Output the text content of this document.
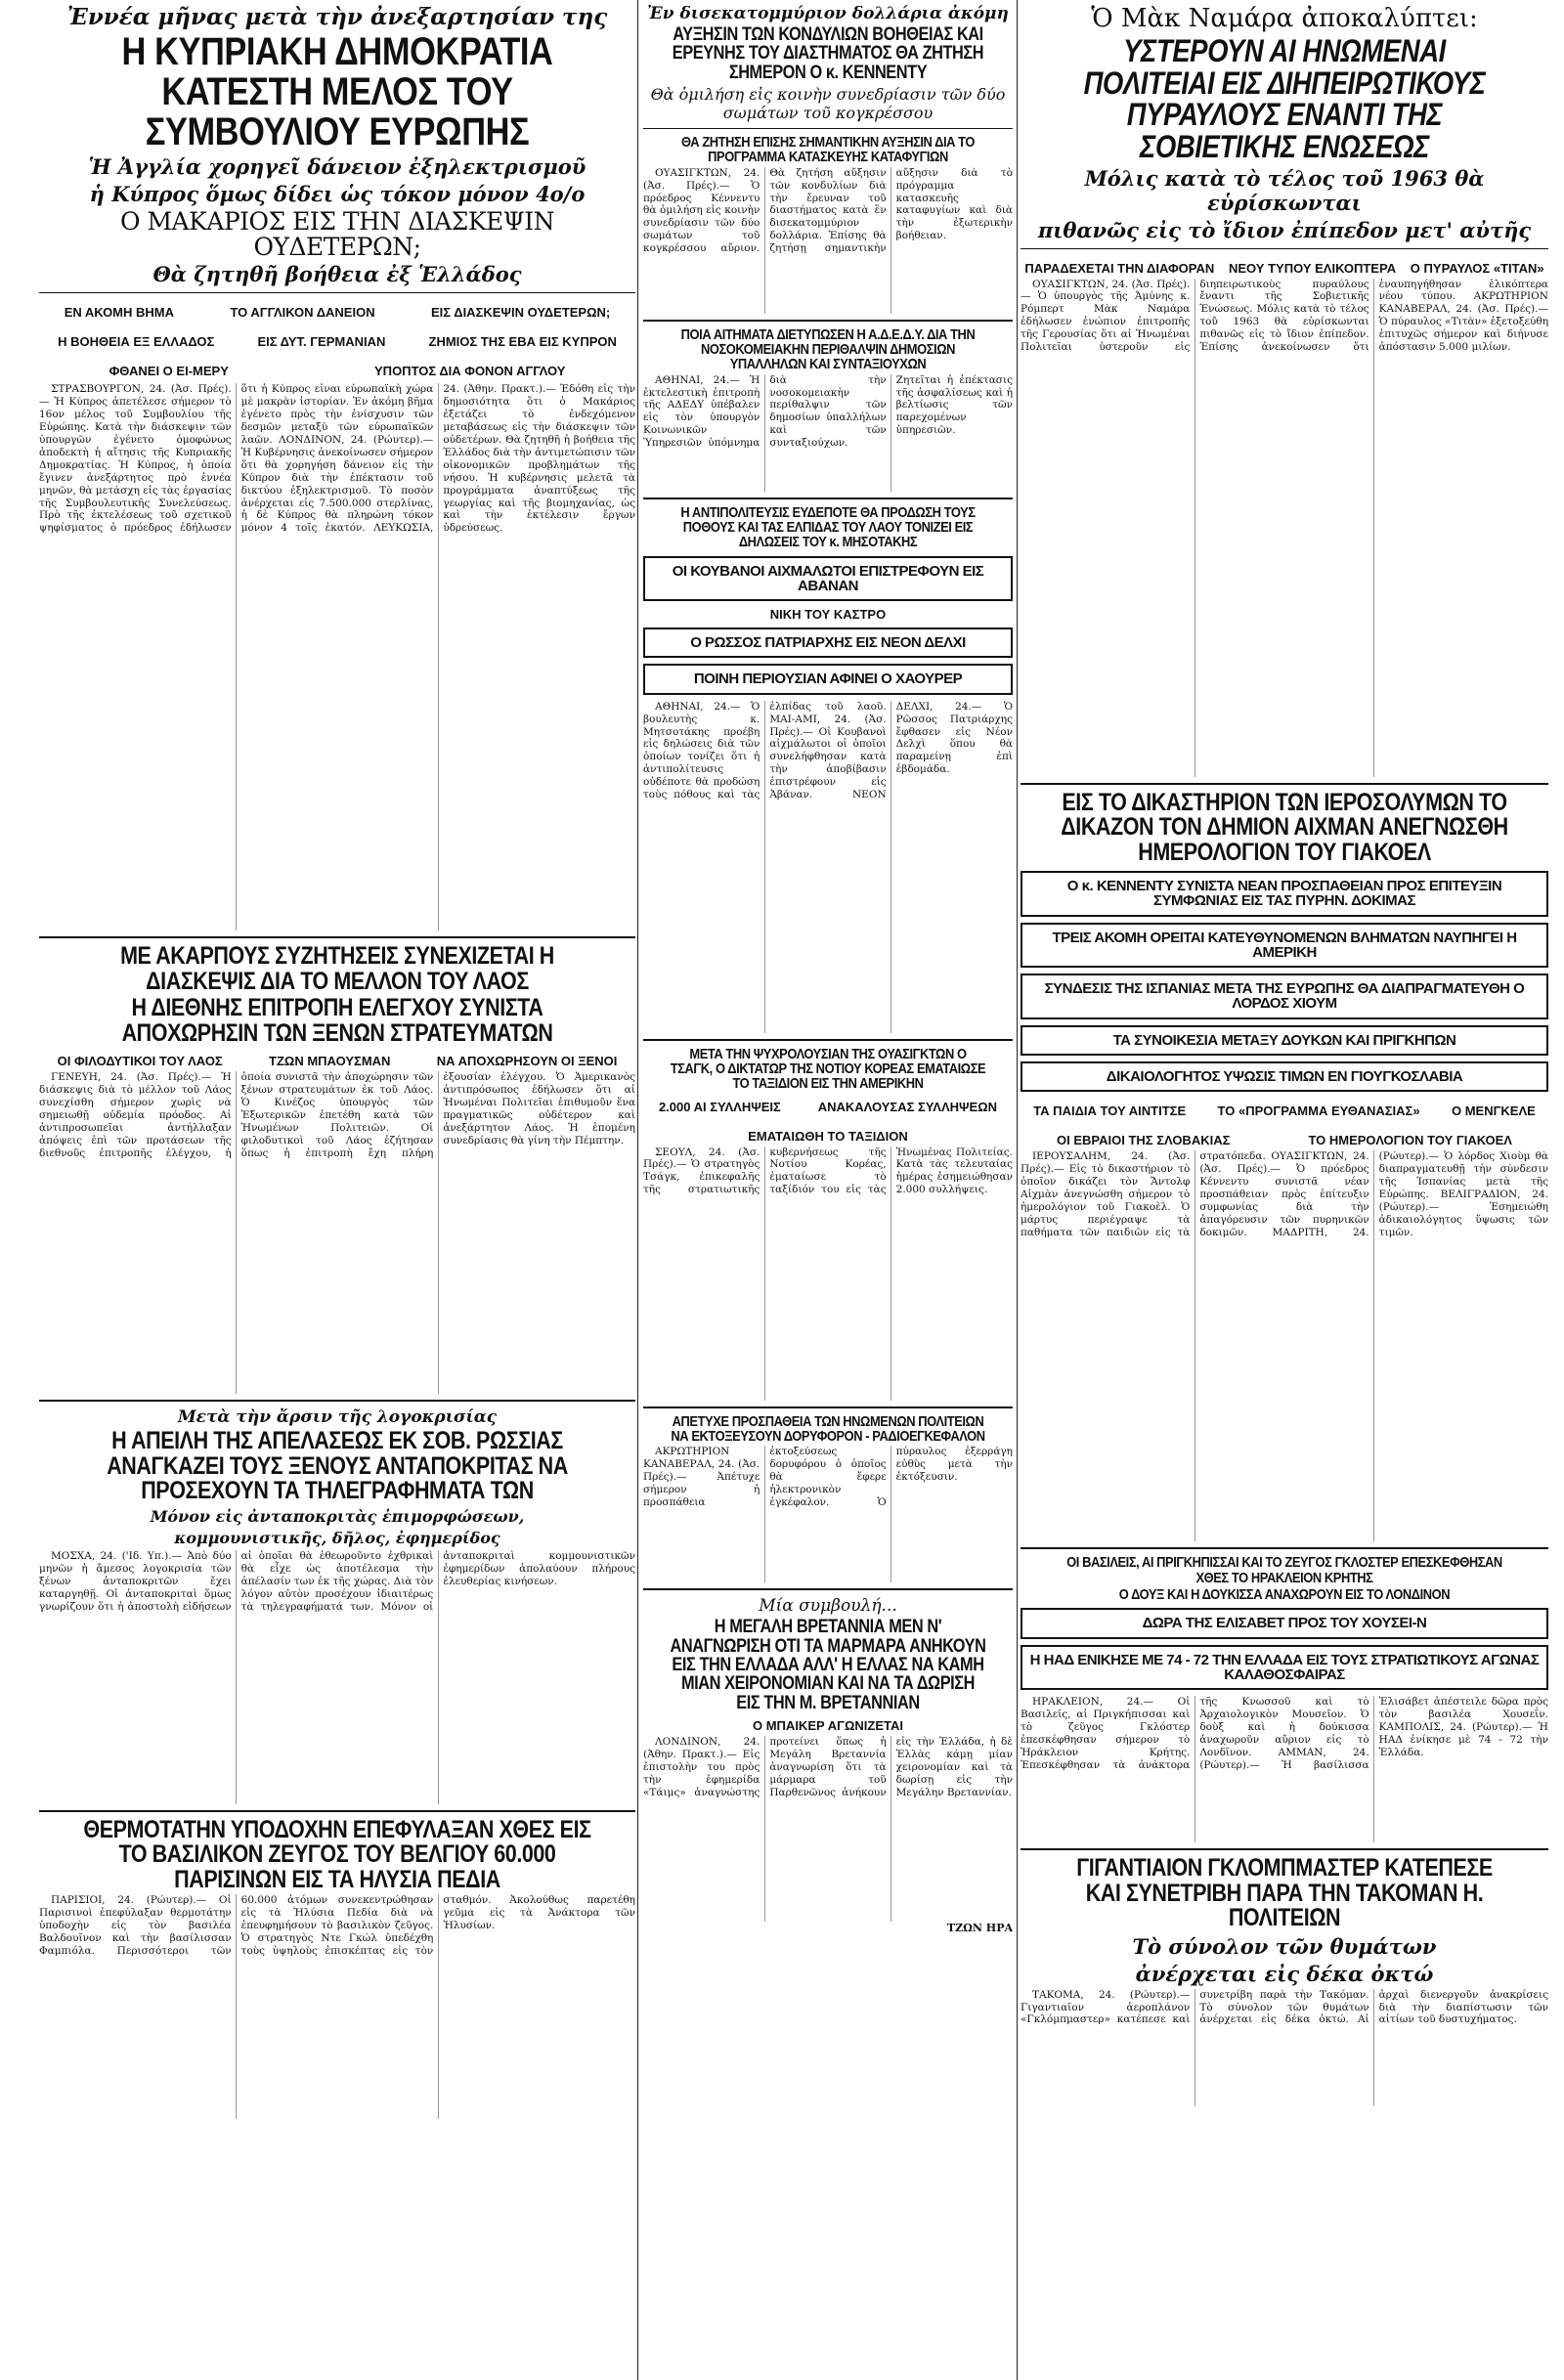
Ἐννέα μῆνας μετὰ τὴν ἀνεξαρτησίαν της
Η ΚΥΠΡΙΑΚΗ ΔΗΜΟΚΡΑΤΙΑ ΚΑΤΕΣΤΗ ΜΕΛΟΣ ΤΟΥ ΣΥΜΒΟΥΛΙΟΥ ΕΥΡΩΠΗΣ
Ἡ Ἀγγλία χορηγεῖ δάνειον ἐξηλεκτρισμοῦ
ἡ Κύπρος ὅμως δίδει ὡς τόκον μόνον 4ο/ο
Ο ΜΑΚΑΡΙΟΣ ΕΙΣ ΤΗΝ ΔΙΑΣΚΕΨΙΝ ΟΥΔΕΤΕΡΩΝ;
Θὰ ζητηθῆ βοήθεια ἐξ Ἑλλάδος
ΕΝ ΑΚΟΜΗ ΒΗΜΑ	ΤΟ ΑΓΓΛΙΚΟΝ ΔΑΝΕΙΟΝ	ΕΙΣ ΔΙΑΣΚΕΨΙΝ ΟΥΔΕΤΕΡΩΝ;
Η ΒΟΗΘΕΙΑ ΕΞ ΕΛΛΑΔΟΣ	ΕΙΣ ΔΥΤ. ΓΕΡΜΑΝΙΑΝ	ΖΗΜΙΟΣ ΤΗΣ ΕΒΑ ΕΙΣ ΚΥΠΡΟΝ
ΦΘΑΝΕΙ Ο ΕΙ-ΜΕΡΥ	ΥΠΟΠΤΟΣ ΔΙΑ ΦΟΝΟΝ ΑΓΓΛΟΥ

ΣΤΡΑΣΒΟΥΡΓΟΝ, 24. (Ἀσ. Πρές).— Ἡ Κύπρος ἀπετέλεσε σήμερον τὸ 16ον μέλος τοῦ Συμβουλίου τῆς Εὐρώπης. Κατὰ τὴν διάσκεψιν τῶν ὑπουργῶν ἐγένετο ὁμοφώνως ἀποδεκτὴ ἡ αἴτησις τῆς Κυπριακῆς Δημοκρατίας. Ἡ Κύπρος, ἡ ὁποία ἔγινεν ἀνεξάρτητος πρὸ ἐννέα μηνῶν, θὰ μετάσχη εἰς τὰς ἐργασίας τῆς Συμβουλευτικῆς Συνελεύσεως. Πρὸ τῆς ἐκτελέσεως τοῦ σχετικοῦ ψηφίσματος ὁ πρόεδρος ἐδήλωσεν ὅτι ἡ Κύπρος εἶναι εὐρωπαϊκὴ χώρα μὲ μακρὰν ἱστορίαν. Ἐν ἀκόμη βῆμα ἐγένετο πρὸς τὴν ἐνίσχυσιν τῶν δεσμῶν μεταξὺ τῶν εὐρωπαϊκῶν λαῶν. ΛΟΝΔΙΝΟΝ, 24. (Ρώυτερ).— Ἡ Κυβέρνησις ἀνεκοίνωσεν σήμερον ὅτι θὰ χορηγήση δάνειον εἰς τὴν Κύπρον διὰ τὴν ἐπέκτασιν τοῦ δικτύου ἐξηλεκτρισμοῦ. Τὸ ποσὸν ἀνέρχεται εἰς 7.500.000 στερλίνας, ἡ δὲ Κύπρος θὰ πληρώνη τόκον μόνον 4 τοῖς ἑκατόν. ΛΕΥΚΩΣΙΑ, 24. (Ἀθην. Πρακτ.).— Ἐδόθη εἰς τὴν δημοσιότητα ὅτι ὁ Μακάριος ἐξετάζει τὸ ἐνδεχόμενον μεταβάσεως εἰς τὴν διάσκεψιν τῶν οὐδετέρων. Θὰ ζητηθῆ ἡ βοήθεια τῆς Ἑλλάδος διὰ τὴν ἀντιμετώπισιν τῶν οἰκονομικῶν προβλημάτων τῆς νήσου. Ἡ κυβέρνησις μελετᾶ τὰ προγράμματα ἀναπτύξεως τῆς γεωργίας καὶ τῆς βιομηχανίας, ὡς καὶ τὴν ἐκτέλεσιν ἔργων ὑδρεύσεως.

ΜΕ ΑΚΑΡΠΟΥΣ ΣΥΖΗΤΗΣΕΙΣ ΣΥΝΕΧΙΖΕΤΑΙ Η ΔΙΑΣΚΕΨΙΣ ΔΙΑ ΤΟ ΜΕΛΛΟΝ ΤΟΥ ΛΑΟΣ
Η ΔΙΕΘΝΗΣ ΕΠΙΤΡΟΠΗ ΕΛΕΓΧΟΥ ΣΥΝΙΣΤΑ ΑΠΟΧΩΡΗΣΙΝ ΤΩΝ ΞΕΝΩΝ ΣΤΡΑΤΕΥΜΑΤΩΝ
ΟΙ ΦΙΛΟΔΥΤΙΚΟΙ ΤΟΥ ΛΑΟΣ	ΤΖΩΝ ΜΠΑΟΥΣΜΑΝ	ΝΑ ΑΠΟΧΩΡΗΣΟΥΝ ΟΙ ΞΕΝΟΙ

ΓΕΝΕΥΗ, 24. (Ἀσ. Πρές).— Ἡ διάσκεψις διὰ τὸ μέλλον τοῦ Λάος συνεχίσθη σήμερον χωρὶς νὰ σημειωθῇ οὐδεμία πρόοδος. Αἱ ἀντιπροσωπεῖαι ἀντήλλαξαν ἀπόψεις ἐπὶ τῶν προτάσεων τῆς διεθνοῦς ἐπιτροπῆς ἐλέγχου, ἡ ὁποία συνιστᾶ τὴν ἀποχώρησιν τῶν ξένων στρατευμάτων ἐκ τοῦ Λάος. Ὁ Κινέζος ὑπουργὸς τῶν Ἐξωτερικῶν ἐπετέθη κατὰ τῶν Ἡνωμένων Πολιτειῶν. Οἱ φιλοδυτικοὶ τοῦ Λάος ἐζήτησαν ὅπως ἡ ἐπιτροπὴ ἔχη πλήρη ἐξουσίαν ἐλέγχου. Ὁ Ἀμερικανὸς ἀντιπρόσωπος ἐδήλωσεν ὅτι αἱ Ἡνωμέναι Πολιτεῖαι ἐπιθυμοῦν ἕνα πραγματικῶς οὐδέτερον καὶ ἀνεξάρτητον Λάος. Ἡ ἐπομένη συνεδρίασις θὰ γίνη τὴν Πέμπτην.

Μετὰ τὴν ἄρσιν τῆς λογοκρισίας
Η ΑΠΕΙΛΗ ΤΗΣ ΑΠΕΛΑΣΕΩΣ ΕΚ ΣΟΒ. ΡΩΣΣΙΑΣ ΑΝΑΓΚΑΖΕΙ ΤΟΥΣ ΞΕΝΟΥΣ ΑΝΤΑΠΟΚΡΙΤΑΣ ΝΑ ΠΡΟΣΕΧΟΥΝ ΤΑ ΤΗΛΕΓΡΑΦΗΜΑΤΑ ΤΩΝ
Μόνον εἰς ἀνταποκριτὰς ἐπιμορφώσεων,
κομμουνιστικῆς, δῆλος, ἐφημερίδος

ΜΟΣΧΑ, 24. ('Ιδ. Υπ.).— Ἀπὸ δύο μηνῶν ἡ ἄμεσος λογοκρισία τῶν ξένων ἀνταποκριτῶν ἔχει καταργηθῇ. Οἱ ἀνταποκριταὶ ὅμως γνωρίζουν ὅτι ἡ ἀποστολὴ εἰδήσεων αἱ ὁποῖαι θὰ ἐθεωροῦντο ἐχθρικαὶ θὰ εἶχε ὡς ἀποτέλεσμα τὴν ἀπέλασίν των ἐκ τῆς χώρας. Διὰ τὸν λόγον αὐτὸν προσέχουν ἰδιαιτέρως τὰ τηλεγραφήματά των. Μόνον οἱ ἀνταποκριταὶ κομμουνιστικῶν ἐφημερίδων ἀπολαύουν πλήρους ἐλευθερίας κινήσεων.

ΘΕΡΜΟΤΑΤΗΝ ΥΠΟΔΟΧΗΝ ΕΠΕΦΥΛΑΞΑΝ ΧΘΕΣ ΕΙΣ ΤΟ ΒΑΣΙΛΙΚΟΝ ΖΕΥΓΟΣ ΤΟΥ ΒΕΛΓΙΟΥ 60.000 ΠΑΡΙΣΙΝΩΝ ΕΙΣ ΤΑ ΗΛΥΣΙΑ ΠΕΔΙΑ

ΠΑΡΙΣΙΟΙ, 24. (Ρώυτερ).— Οἱ Παρισινοὶ ἐπεφύλαξαν θερμοτάτην ὑποδοχὴν εἰς τὸν βασιλέα Βαλδουῖνον καὶ τὴν βασίλισσαν Φαμπιόλα. Περισσότεροι τῶν 60.000 ἀτόμων συνεκεντρώθησαν εἰς τὰ Ἠλύσια Πεδία διὰ νὰ ἐπευφημήσουν τὸ βασιλικὸν ζεῦγος. Ὁ στρατηγὸς Ντε Γκώλ ὑπεδέχθη τοὺς ὑψηλοὺς ἐπισκέπτας εἰς τὸν σταθμόν. Ἀκολούθως παρετέθη γεῦμα εἰς τὰ Ἀνάκτορα τῶν Ἠλυσίων.

Ἐν δισεκατομμύριον δολλάρια ἀκόμη
ΑΥΞΗΣΙΝ ΤΩΝ ΚΟΝΔΥΛΙΩΝ ΒΟΗΘΕΙΑΣ ΚΑΙ ΕΡΕΥΝΗΣ ΤΟΥ ΔΙΑΣΤΗΜΑΤΟΣ ΘΑ ΖΗΤΗΣΗ ΣΗΜΕΡΟΝ Ο κ. ΚΕΝΝΕΝΤΥ
Θὰ ὁμιλήση εἰς κοινὴν συνεδρίασιν τῶν δύο σωμάτων τοῦ κογκρέσσου
ΘΑ ΖΗΤΗΣΗ ΕΠΙΣΗΣ ΣΗΜΑΝΤΙΚΗΝ ΑΥΞΗΣΙΝ ΔΙΑ ΤΟ ΠΡΟΓΡΑΜΜΑ ΚΑΤΑΣΚΕΥΗΣ ΚΑΤΑΦΥΓΙΩΝ

ΟΥΑΣΙΓΚΤΩΝ, 24. (Ἀσ. Πρές).— Ὁ πρόεδρος Κέννεντυ θὰ ὁμιλήση εἰς κοινὴν συνεδρίασιν τῶν δύο σωμάτων τοῦ κογκρέσσου αὔριον. Θὰ ζητήση αὔξησιν τῶν κονδυλίων διὰ τὴν ἔρευναν τοῦ διαστήματος κατὰ ἓν δισεκατομμύριον δολλάρια. Ἐπίσης θὰ ζητήσῃ σημαντικὴν αὔξησιν διὰ τὸ πρόγραμμα κατασκευῆς καταφυγίων καὶ διὰ τὴν ἐξωτερικὴν βοήθειαν.

ΠΟΙΑ ΑΙΤΗΜΑΤΑ ΔΙΕΤΥΠΩΣΕΝ Η Α.Δ.Ε.Δ.Υ. ΔΙΑ ΤΗΝ ΝΟΣΟΚΟΜΕΙΑΚΗΝ ΠΕΡΙΘΑΛΨΙΝ ΔΗΜΟΣΙΩΝ ΥΠΑΛΛΗΛΩΝ ΚΑΙ ΣΥΝΤΑΞΙΟΥΧΩΝ

ΑΘΗΝΑΙ, 24.— Ἡ ἐκτελεστικὴ ἐπιτροπὴ τῆς ΑΔΕΔΥ ὑπέβαλεν εἰς τὸν ὑπουργὸν Κοινωνικῶν Ὑπηρεσιῶν ὑπόμνημα διὰ τὴν νοσοκομειακὴν περίθαλψιν τῶν δημοσίων ὑπαλλήλων καὶ τῶν συνταξιούχων. Ζητεῖται ἡ ἐπέκτασις τῆς ἀσφαλίσεως καὶ ἡ βελτίωσις τῶν παρεχομένων ὑπηρεσιῶν.

Η ΑΝΤΙΠΟΛΙΤΕΥΣΙΣ ΕΥΔΕΠΟΤΕ ΘΑ ΠΡΟΔΩΣΗ ΤΟΥΣ ΠΟΘΟΥΣ ΚΑΙ ΤΑΣ ΕΛΠΙΔΑΣ ΤΟΥ ΛΑΟΥ ΤΟΝΙΖΕΙ ΕΙΣ ΔΗΛΩΣΕΙΣ ΤΟΥ κ. ΜΗΣΟΤΑΚΗΣ
ΟΙ ΚΟΥΒΑΝΟΙ ΑΙΧΜΑΛΩΤΟΙ ΕΠΙΣΤΡΕΦΟΥΝ ΕΙΣ ΑΒΑΝΑΝ
ΝΙΚΗ ΤΟΥ ΚΑΣΤΡΟ
Ο ΡΩΣΣΟΣ ΠΑΤΡΙΑΡΧΗΣ ΕΙΣ ΝΕΟΝ ΔΕΛΧΙ
ΠΟΙΝΗ ΠΕΡΙΟΥΣΙΑΝ ΑΦΙΝΕΙ Ο ΧΑΟΥΡΕΡ

ΑΘΗΝΑΙ, 24.— Ὁ βουλευτὴς κ. Μητσοτάκης προέβη εἰς δηλώσεις διὰ τῶν ὁποίων τονίζει ὅτι ἡ ἀντιπολίτευσις οὐδέποτε θὰ προδώση τοὺς πόθους καὶ τὰς ἐλπίδας τοῦ λαοῦ. ΜΑΙ-ΑΜΙ, 24. (Ἀσ. Πρές).— Οἱ Κουβανοὶ αἰχμάλωτοι οἱ ὁποῖοι συνελήφθησαν κατὰ τὴν ἀποβίβασιν ἐπιστρέφουν εἰς Ἀβάναν. ΝΕΟΝ ΔΕΛΧΙ, 24.— Ὁ Ρῶσσος Πατριάρχης ἔφθασεν εἰς Νέον Δελχὶ ὅπου θὰ παραμείνῃ ἐπὶ ἑβδομάδα.

ΜΕΤΑ ΤΗΝ ΨΥΧΡΟΛΟΥΣΙΑΝ ΤΗΣ ΟΥΑΣΙΓΚΤΩΝ Ο ΤΣΑΓΚ, Ο ΔΙΚΤΑΤΩΡ ΤΗΣ ΝΟΤΙΟΥ ΚΟΡΕΑΣ ΕΜΑΤΑΙΩΣΕ ΤΟ ΤΑΞΙΔΙΟΝ ΕΙΣ ΤΗΝ ΑΜΕΡΙΚΗΝ
2.000 ΑΙ ΣΥΛΛΗΨΕΙΣ	ΑΝΑΚΑΛΟΥΣΑΣ ΣΥΛΛΗΨΕΩΝ
ΕΜΑΤΑΙΩΘΗ ΤΟ ΤΑΞΙΔΙΟΝ

ΣΕΟΥΛ, 24. (Ἀσ. Πρές).— Ὁ στρατηγὸς Τσάγκ, ἐπικεφαλῆς τῆς στρατιωτικῆς κυβερνήσεως τῆς Νοτίου Κορέας, ἐματαίωσε τὸ ταξίδιόν του εἰς τὰς Ἡνωμένας Πολιτείας. Κατὰ τὰς τελευταίας ἡμέρας ἐσημειώθησαν 2.000 συλλήψεις.

ΑΠΕΤΥΧΕ ΠΡΟΣΠΑΘΕΙΑ ΤΩΝ ΗΝΩΜΕΝΩΝ ΠΟΛΙΤΕΙΩΝ ΝΑ ΕΚΤΟΞΕΥΣΟΥΝ ΔΟΡΥΦΟΡΟΝ - ΡΑΔΙΟΕΓΚΕΦΑΛΟΝ

ΑΚΡΩΤΗΡΙΟΝ ΚΑΝΑΒΕΡΑΛ, 24. (Ἀσ. Πρές).— Ἀπέτυχε σήμερον ἡ προσπάθεια ἐκτοξεύσεως δορυφόρου ὁ ὁποῖος θὰ ἔφερε ἠλεκτρονικὸν ἐγκέφαλον. Ὁ πύραυλος ἐξερράγη εὐθὺς μετὰ τὴν ἐκτόξευσιν.

Μία συμβουλή...
Η ΜΕΓΑΛΗ ΒΡΕΤΑΝΝΙΑ ΜΕΝ Ν' ΑΝΑΓΝΩΡΙΣΗ ΟΤΙ ΤΑ ΜΑΡΜΑΡΑ ΑΝΗΚΟΥΝ ΕΙΣ ΤΗΝ ΕΛΛΑΔΑ ΑΛΛ' Η ΕΛΛΑΣ ΝΑ ΚΑΜΗ ΜΙΑΝ ΧΕΙΡΟΝΟΜΙΑΝ ΚΑΙ ΝΑ ΤΑ ΔΩΡΙΣΗ ΕΙΣ ΤΗΝ Μ. ΒΡΕΤΑΝΝΙΑΝ
Ο ΜΠΑΙΚΕΡ ΑΓΩΝΙΖΕΤΑΙ

ΛΟΝΔΙΝΟΝ, 24. (Ἀθην. Πρακτ.).— Εἰς ἐπιστολὴν του πρὸς τὴν ἐφημερίδα «Τάιμς» ἀναγνώστης προτείνει ὅπως ἡ Μεγάλη Βρεταννία ἀναγνωρίση ὅτι τὰ μάρμαρα τοῦ Παρθενῶνος ἀνήκουν εἰς τὴν Ἑλλάδα, ἡ δὲ Ἑλλὰς κάμῃ μίαν χειρονομίαν καὶ τὰ δωρίσῃ εἰς τὴν Μεγάλην Βρεταννίαν.

ΤΖΩΝ ΗΡΑ
Ὁ Μὰκ Ναμάρα ἀποκαλύπτει:
ΥΣΤΕΡΟΥΝ ΑΙ ΗΝΩΜΕΝΑΙ ΠΟΛΙΤΕΙΑΙ ΕΙΣ ΔΙΗΠΕΙΡΩΤΙΚΟΥΣ ΠΥΡΑΥΛΟΥΣ ΕΝΑΝΤΙ ΤΗΣ ΣΟΒΙΕΤΙΚΗΣ ΕΝΩΣΕΩΣ
Μόλις κατὰ τὸ τέλος τοῦ 1963 θὰ εὑρίσκωνται
πιθανῶς εἰς τὸ ἴδιον ἐπίπεδον μετ' αὐτῆς
ΠΑΡΑΔΕΧΕΤΑΙ ΤΗΝ ΔΙΑΦΟΡΑΝ ΝΕΟΥ ΤΥΠΟΥ ΕΛΙΚΟΠΤΕΡΑ Ο ΠΥΡΑΥΛΟΣ «ΤΙΤΑΝ»

ΟΥΑΣΙΓΚΤΩΝ, 24. (Ἀσ. Πρές).— Ὁ ὑπουργὸς τῆς Ἀμύνης κ. Ρόμπερτ Μὰκ Ναμάρα ἐδήλωσεν ἐνώπιον ἐπιτροπῆς τῆς Γερουσίας ὅτι αἱ Ἡνωμέναι Πολιτεῖαι ὑστεροῦν εἰς διηπειρωτικοὺς πυραύλους ἔναντι τῆς Σοβιετικῆς Ἑνώσεως. Μόλις κατὰ τὸ τέλος τοῦ 1963 θὰ εὑρίσκωνται πιθανῶς εἰς τὸ ἴδιον ἐπίπεδον. Ἐπίσης ἀνεκοίνωσεν ὅτι ἐναυπηγήθησαν ἑλικόπτερα νέου τύπου. ΑΚΡΩΤΗΡΙΟΝ ΚΑΝΑΒΕΡΑΛ, 24. (Ἀσ. Πρές).— Ὁ πύραυλος «Τιτὰν» ἐξετοξεύθη ἐπιτυχῶς σήμερον καὶ διήνυσε ἀπόστασιν 5.000 μιλίων.

ΕΙΣ ΤΟ ΔΙΚΑΣΤΗΡΙΟΝ ΤΩΝ ΙΕΡΟΣΟΛΥΜΩΝ ΤΟ ΔΙΚΑΖΟΝ ΤΟΝ ΔΗΜΙΟΝ ΑΙΧΜΑΝ ΑΝΕΓΝΩΣΘΗ ΗΜΕΡΟΛΟΓΙΟΝ ΤΟΥ ΓΙΑΚΟΕΛ
Ο κ. ΚΕΝΝΕΝΤΥ ΣΥΝΙΣΤΑ ΝΕΑΝ ΠΡΟΣΠΑΘΕΙΑΝ ΠΡΟΣ ΕΠΙΤΕΥΞΙΝ ΣΥΜΦΩΝΙΑΣ ΕΙΣ ΤΑΣ ΠΥΡΗΝ. ΔΟΚΙΜΑΣ
ΤΡΕΙΣ ΑΚΟΜΗ ΟΡΕΙΤΑΙ ΚΑΤΕΥΘΥΝΟΜΕΝΩΝ ΒΛΗΜΑΤΩΝ ΝΑΥΠΗΓΕΙ Η ΑΜΕΡΙΚΗ
ΣΥΝΔΕΣΙΣ ΤΗΣ ΙΣΠΑΝΙΑΣ ΜΕΤΑ ΤΗΣ ΕΥΡΩΠΗΣ ΘΑ ΔΙΑΠΡΑΓΜΑΤΕΥΘΗ Ο ΛΟΡΔΟΣ ΧΙΟΥΜ
ΤΑ ΣΥΝΟΙΚΕΣΙΑ ΜΕΤΑΞΥ ΔΟΥΚΩΝ ΚΑΙ ΠΡΙΓΚΗΠΩΝ
ΔΙΚΑΙΟΛΟΓΗΤΟΣ ΥΨΩΣΙΣ ΤΙΜΩΝ ΕΝ ΓΙΟΥΓΚΟΣΛΑΒΙΑ
ΤΑ ΠΑΙΔΙΑ ΤΟΥ ΑΙΝΤΙΤΣΕ ΤΟ «ΠΡΟΓΡΑΜΜΑ ΕΥΘΑΝΑΣΙΑΣ» Ο ΜΕΝΓΚΕΛΕ
ΟΙ ΕΒΡΑΙΟΙ ΤΗΣ ΣΛΟΒΑΚΙΑΣ	ΤΟ ΗΜΕΡΟΛΟΓΙΟΝ ΤΟΥ ΓΙΑΚΟΕΛ

ΙΕΡΟΥΣΑΛΗΜ, 24. (Ἀσ. Πρές).— Εἰς τὸ δικαστήριον τὸ ὁποῖον δικάζει τὸν Ἄντολφ Αἰχμὰν ἀνεγνώσθη σήμερον τὸ ἡμερολόγιον τοῦ Γιακοὲλ. Ὁ μάρτυς περιέγραψε τὰ παθήματα τῶν παιδιῶν εἰς τὰ στρατόπεδα. ΟΥΑΣΙΓΚΤΩΝ, 24. (Ἀσ. Πρές).— Ὁ πρόεδρος Κέννεντυ συνιστᾶ νέαν προσπάθειαν πρὸς ἐπίτευξιν συμφωνίας διὰ τὴν ἀπαγόρευσιν τῶν πυρηνικῶν δοκιμῶν. ΜΑΔΡΙΤΗ, 24. (Ρώυτερ).— Ὁ λόρδος Χιοὺμ θὰ διαπραγματευθῇ τὴν σύνδεσιν τῆς Ἱσπανίας μετὰ τῆς Εὐρώπης. ΒΕΛΙΓΡΑΔΙΟΝ, 24. (Ρώυτερ).— Ἐσημειώθη ἀδικαιολόγητος ὕψωσις τῶν τιμῶν.

ΟΙ ΒΑΣΙΛΕΙΣ, ΑΙ ΠΡΙΓΚΗΠΙΣΣΑΙ ΚΑΙ ΤΟ ΖΕΥΓΟΣ ΓΚΛΟΣΤΕΡ ΕΠΕΣΚΕΦΘΗΣΑΝ ΧΘΕΣ ΤΟ ΗΡΑΚΛΕΙΟΝ ΚΡΗΤΗΣ
Ο ΔΟΥΞ ΚΑΙ Η ΔΟΥΚΙΣΣΑ ΑΝΑΧΩΡΟΥΝ ΕΙΣ ΤΟ ΛΟΝΔΙΝΟΝ
ΔΩΡΑ ΤΗΣ ΕΛΙΣΑΒΕΤ ΠΡΟΣ ΤΟΥ ΧΟΥΣΕΙ-Ν
Η ΗΑΔ ΕΝΙΚΗΣΕ ΜΕ 74 - 72 ΤΗΝ ΕΛΛΑΔΑ ΕΙΣ ΤΟΥΣ ΣΤΡΑΤΙΩΤΙΚΟΥΣ ΑΓΩΝΑΣ ΚΑΛΑΘΟΣΦΑΙΡΑΣ

ΗΡΑΚΛΕΙΟΝ, 24.— Οἱ Βασιλεῖς, αἱ Πριγκήπισσαι καὶ τὸ ζεῦγος Γκλόστερ ἐπεσκέφθησαν σήμερον τὸ Ἡράκλειον Κρήτης. Ἐπεσκέφθησαν τὰ ἀνάκτορα τῆς Κνωσσοῦ καὶ τὸ Ἀρχαιολογικὸν Μουσεῖον. Ὁ δοὺξ καὶ ἡ δούκισσα ἀναχωροῦν αὔριον εἰς τὸ Λονδῖνον. ΑΜΜΑΝ, 24. (Ρώυτερ).— Ἡ βασίλισσα Ἐλισάβετ ἀπέστειλε δῶρα πρὸς τὸν βασιλέα Χουσεΐν. ΚΑΜΠΟΛΙΣ, 24. (Ρώυτερ).— Ἡ ΗΑΔ ἐνίκησε μὲ 74 - 72 τὴν Ἑλλάδα.

ΓΙΓΑΝΤΙΑΙΟΝ ΓΚΛΟΜΠΜΑΣΤΕΡ ΚΑΤΕΠΕΣΕ ΚΑΙ ΣΥΝΕΤΡΙΒΗ ΠΑΡΑ ΤΗΝ ΤΑΚΟΜΑΝ Η. ΠΟΛΙΤΕΙΩΝ
Τὸ σύνολον τῶν θυμάτων
ἀνέρχεται εἰς δέκα ὀκτώ

ΤΑΚΟΜΑ, 24. (Ρώυτερ).— Γιγαντιαῖον ἀεροπλάνον «Γκλόμπμαστερ» κατέπεσε καὶ συνετρίβη παρὰ τὴν Τακόμαν. Τὸ σύνολον τῶν θυμάτων ἀνέρχεται εἰς δέκα ὀκτώ. Αἱ ἀρχαὶ διενεργοῦν ἀνακρίσεις διὰ τὴν διαπίστωσιν τῶν αἰτίων τοῦ δυστυχήματος.
